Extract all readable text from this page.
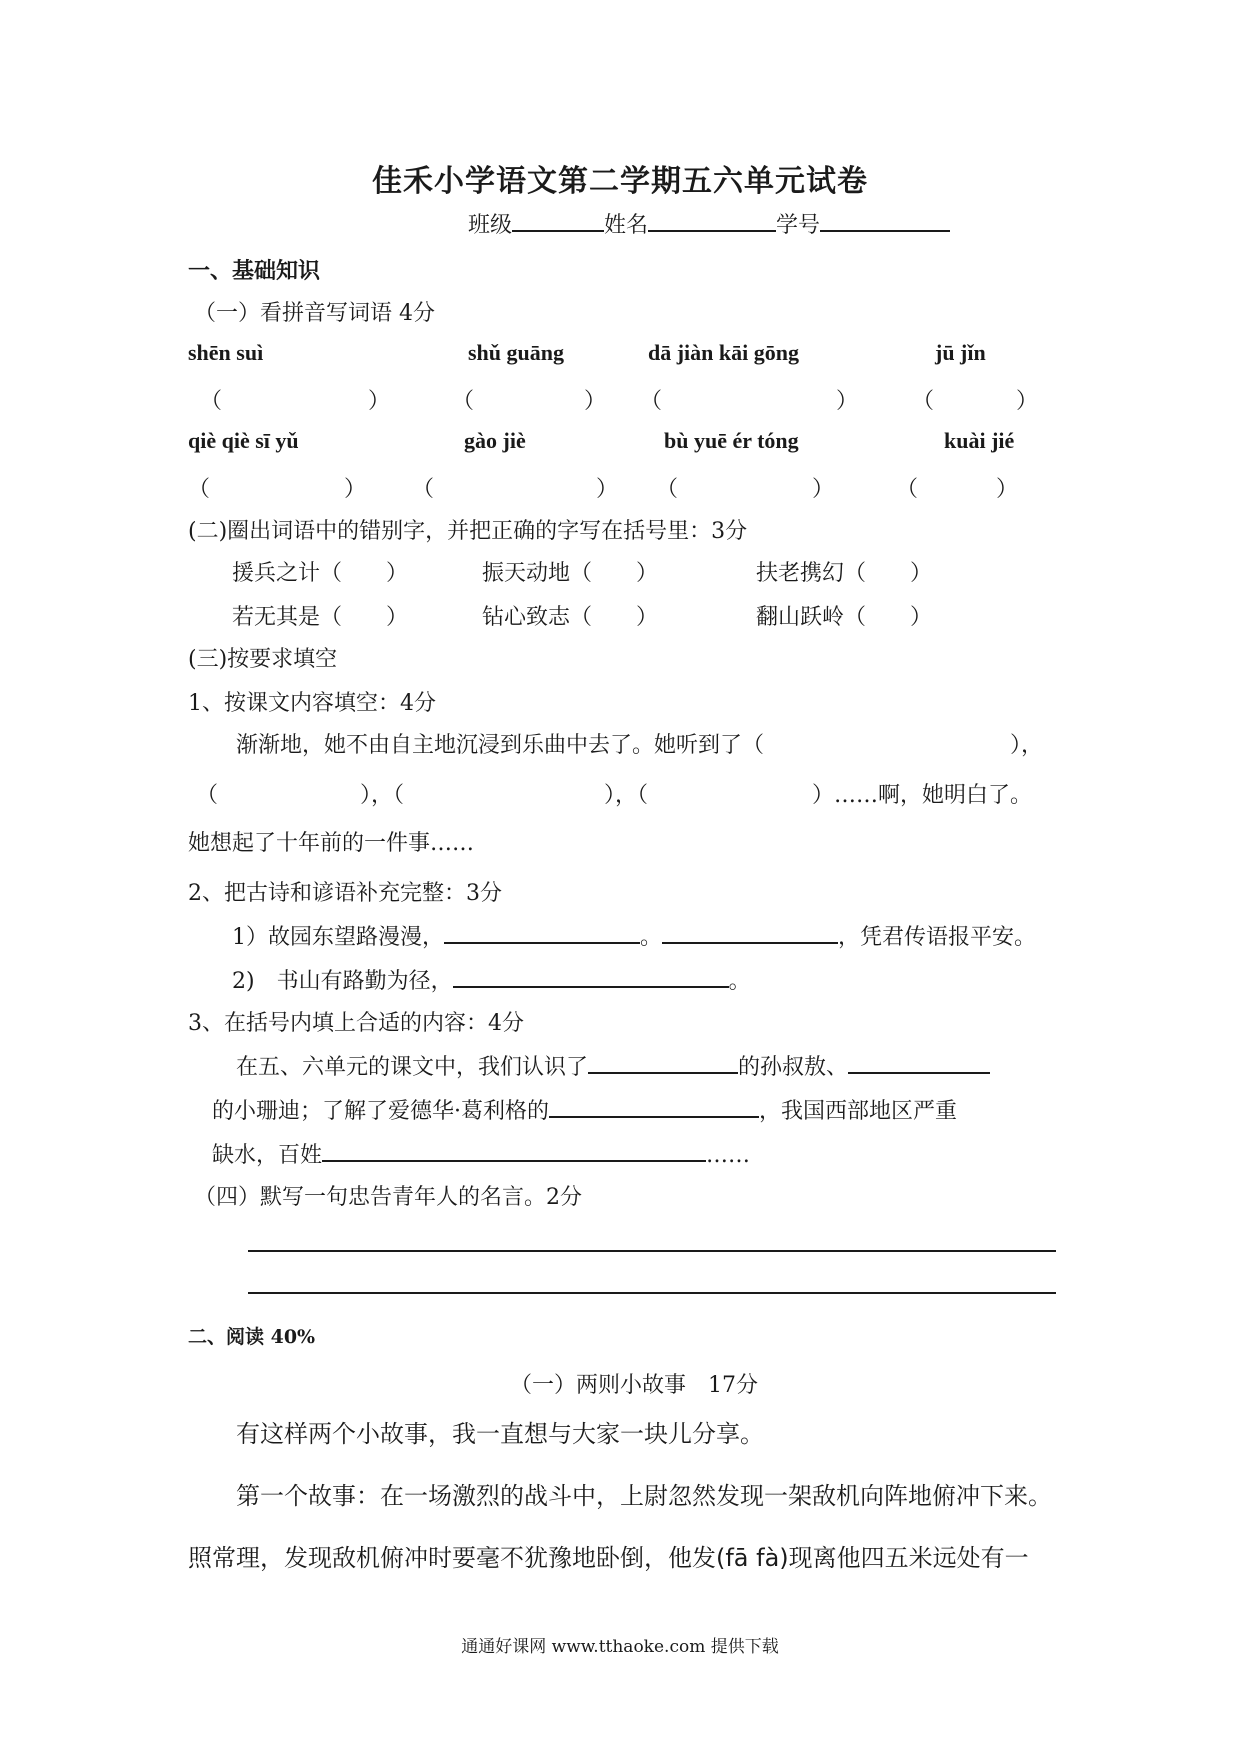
佳禾小学语文第二学期五六单元试卷
班级	姓名	学号
一、基础知识
（一）看拼音写词语 4分
shēn suì	shǔ guāng	dā jiàn kāi gōng	jū jǐn
（	）	（	） （	） （	）
qiè qiè sī yǔ	gào jiè	bù yuē ér tóng	kuài jié
（	） （	） （	）	（	）
(二)圈出词语中的错别字，并把正确的字写在括号里：3分
援兵之计（　　）	振天动地（　　）	扶老携幻（　　）
若无其是（　　）	钻心致志（　　）	翻山跃岭（　　）
(三)按要求填空
1、按课文内容填空：4分
渐渐地，她不由自主地沉浸到乐曲中去了。她听到了（	），
（	），（	），（	）……啊，她明白了。
她想起了十年前的一件事……
2、把古诗和谚语补充完整：3分
1）故园东望路漫漫，	。	，凭君传语报平安。
2)　书山有路勤为径，	。
3、在括号内填上合适的内容：4分
在五、六单元的课文中，我们认识了	的孙叔敖、
的小珊迪；了解了爱德华·葛利格的	，我国西部地区严重
缺水，百姓	……
（四）默写一句忠告青年人的名言。2分
二、阅读 40%
（一）两则小故事　17分
有这样两个小故事，我一直想与大家一块儿分享。
第一个故事：在一场激烈的战斗中，上尉忽然发现一架敌机向阵地俯冲下来。
照常理，发现敌机俯冲时要毫不犹豫地卧倒，他发(fā fà)现离他四五米远处有一
通通好课网 www.tthaoke.com 提供下载
